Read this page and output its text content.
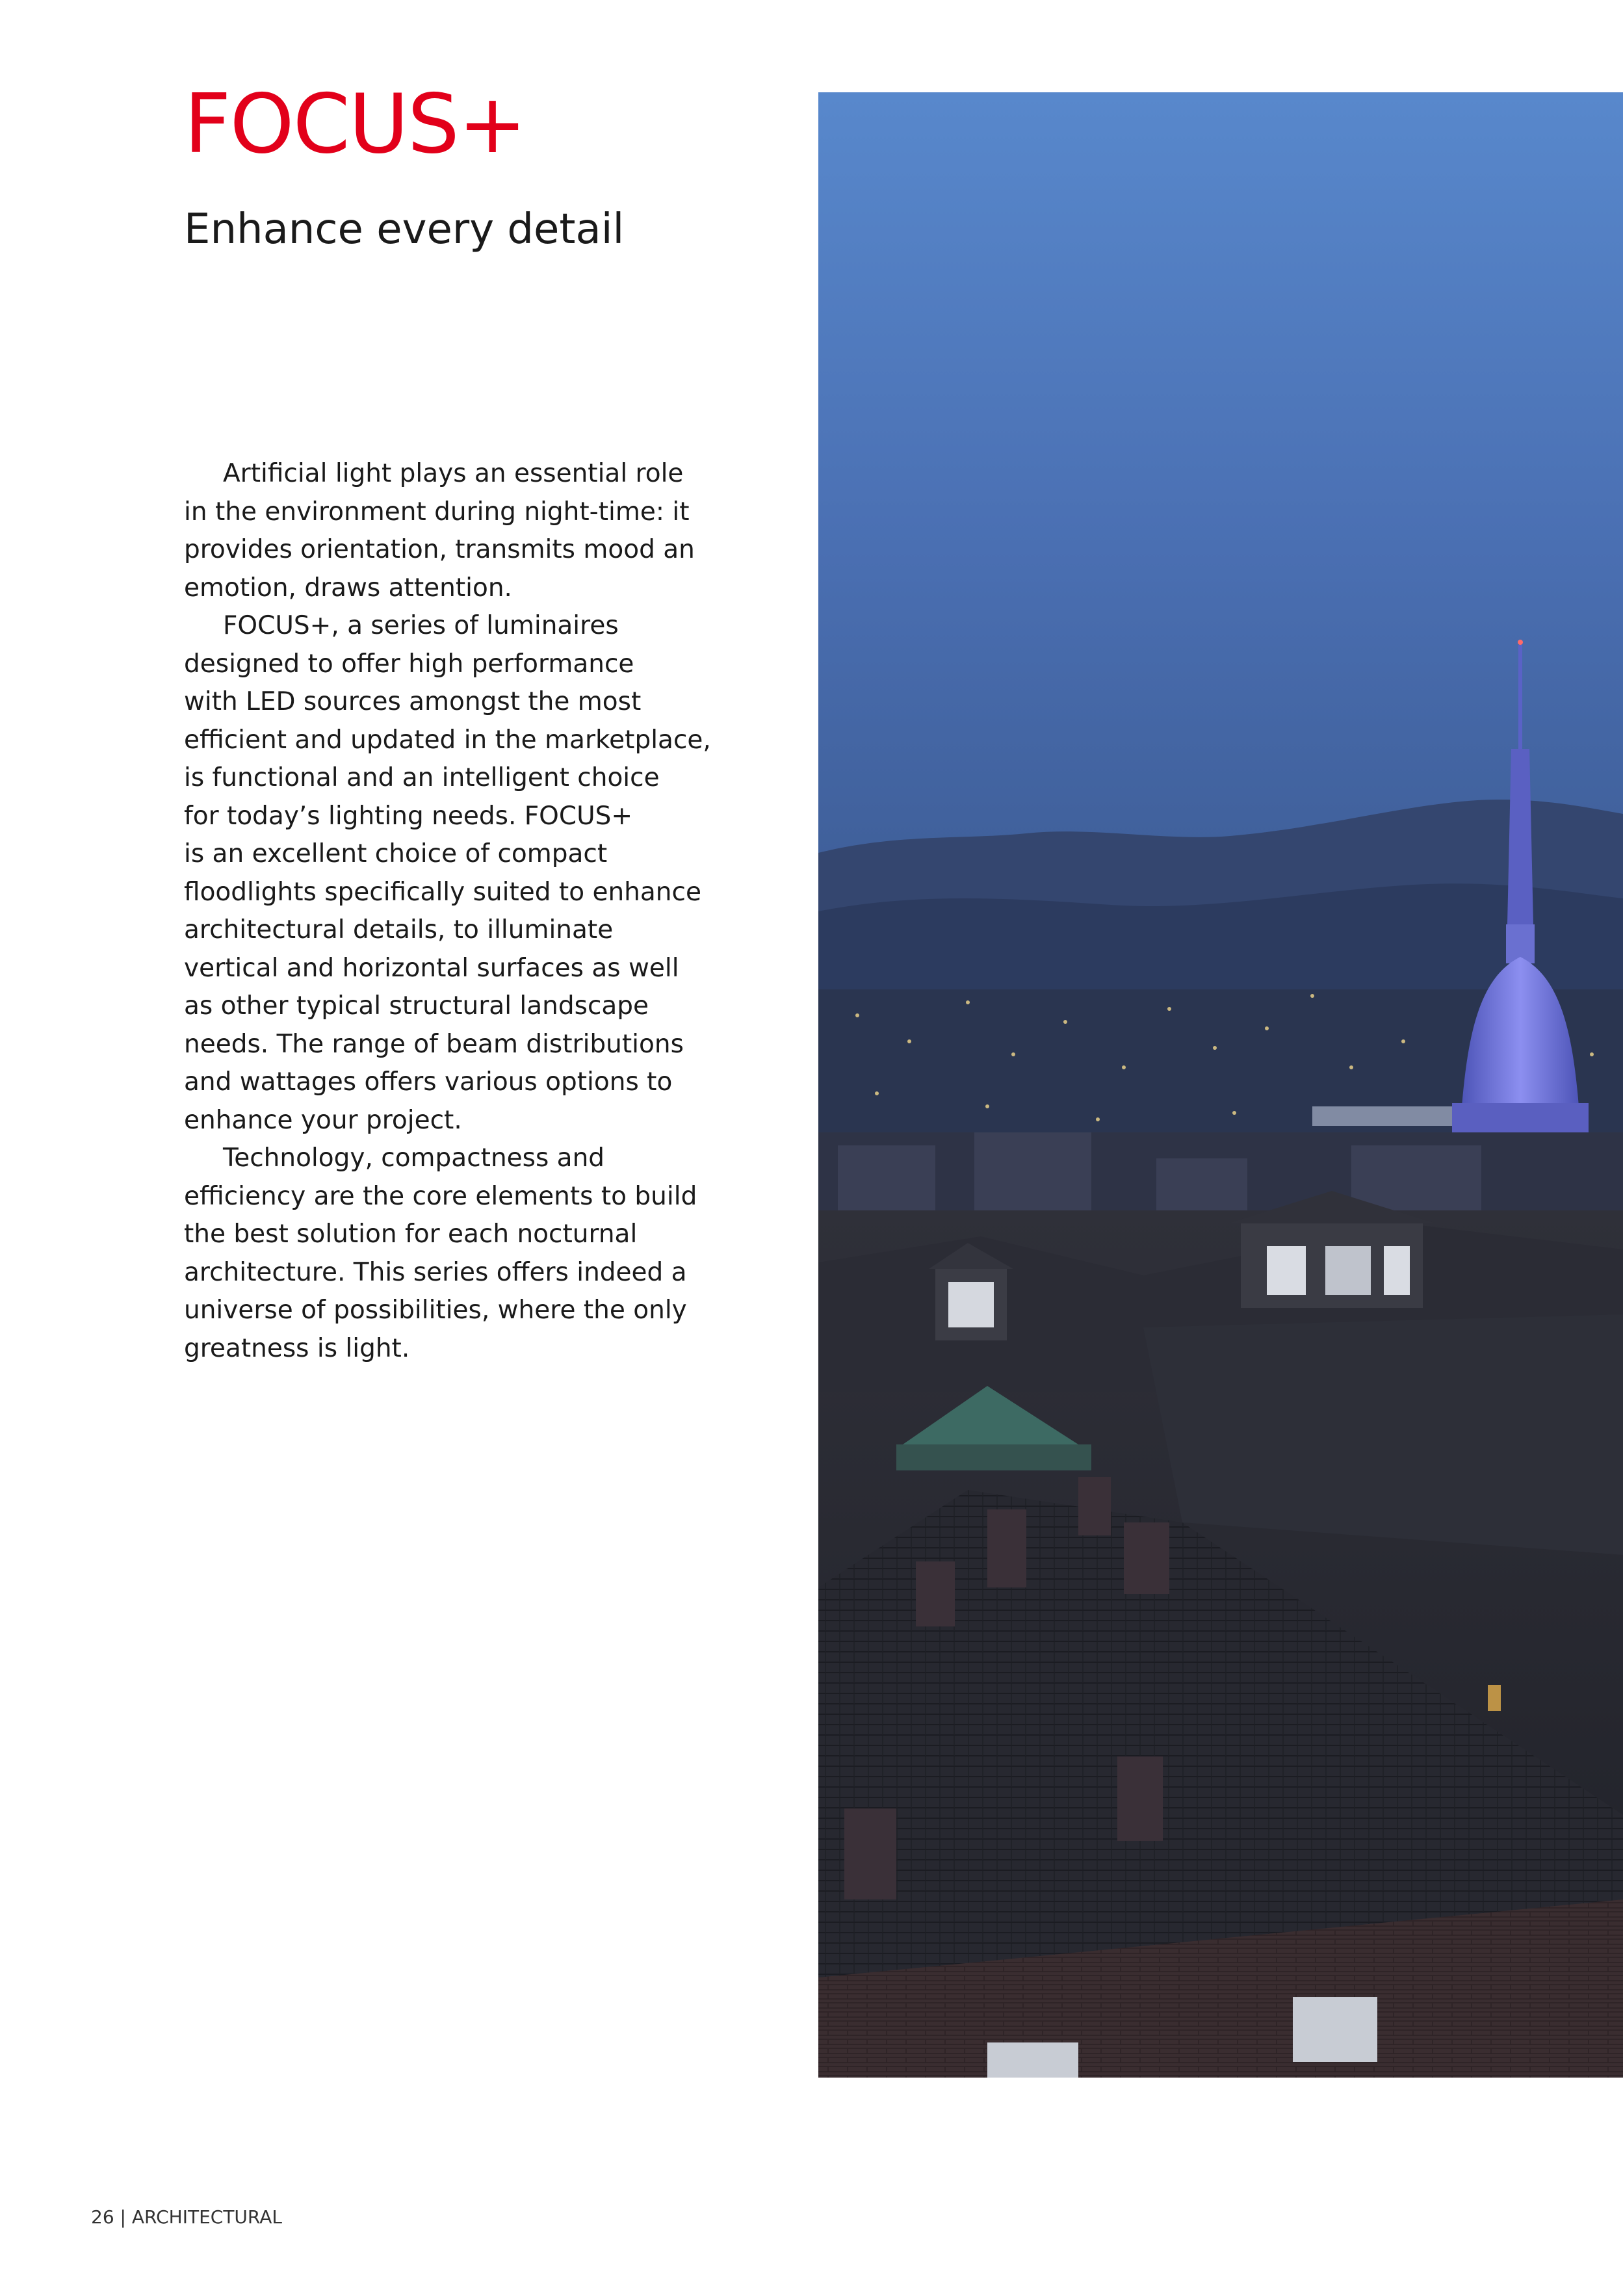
FOCUS+
Enhance every detail
Artificial light plays an essential role
in the environment during night-time: it
provides orientation, transmits mood an
emotion, draws attention.
FOCUS+, a series of luminaires
designed to offer high performance
with LED sources amongst the most
efficient and updated in the marketplace,
is functional and an intelligent choice
for today’s lighting needs. FOCUS+
is an excellent choice of compact
floodlights specifically suited to enhance
architectural details, to illuminate
vertical and horizontal surfaces as well
as other typical structural landscape
needs. The range of beam distributions
and wattages offers various options to
enhance your project.
Technology, compactness and
efficiency are the core elements to build
the best solution for each nocturnal
architecture. This series offers indeed a
universe of possibilities, where the only
greatness is light.
26 | ARCHITECTURAL
